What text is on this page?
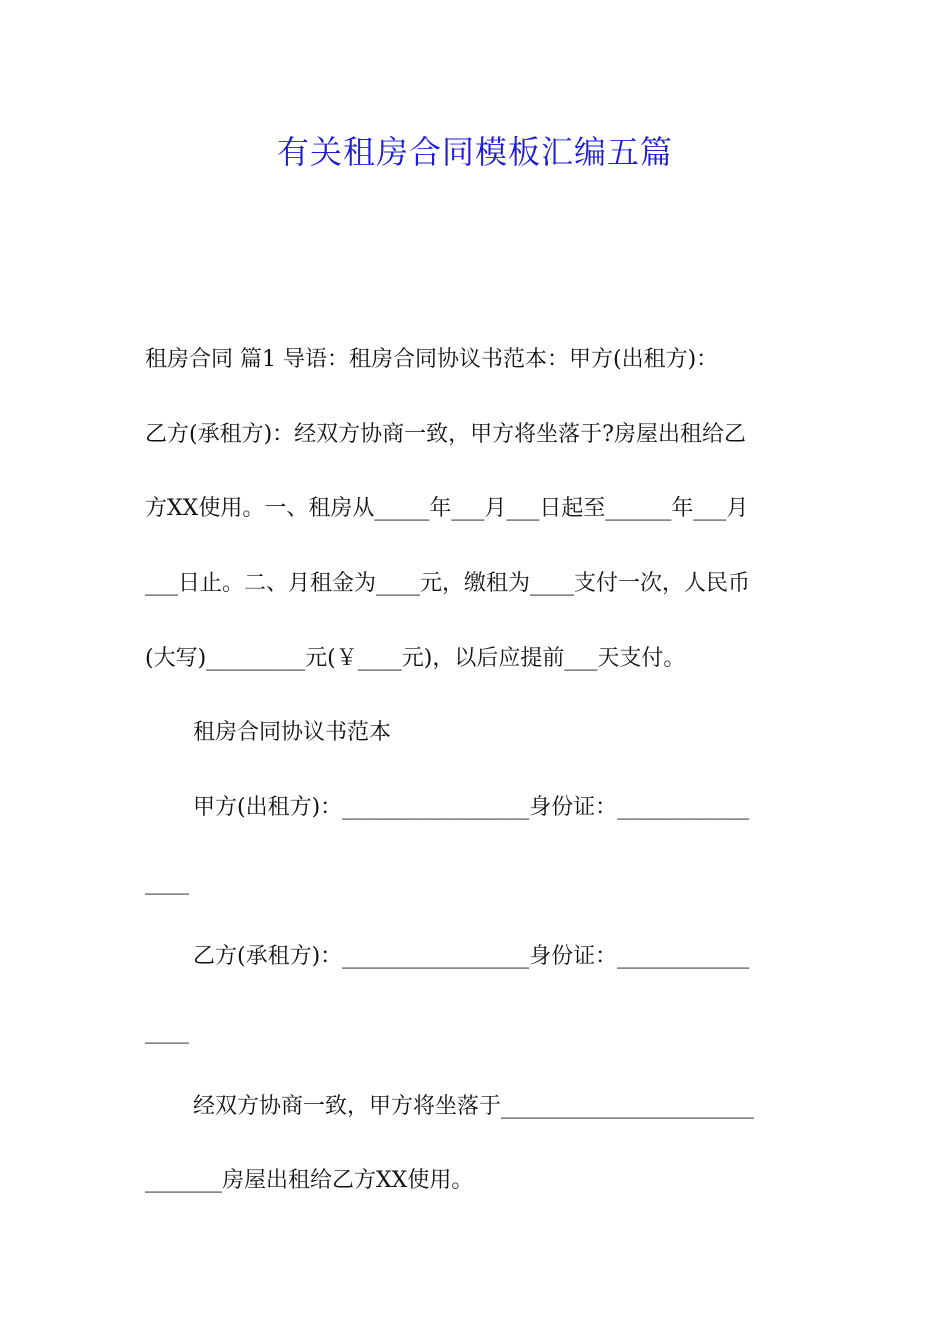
有关租房合同模板汇编五篇
租房合同 篇1 导语：租房合同协议书范本：甲方(出租方)：
乙方(承租方)：经双方协商一致，甲方将坐落于?房屋出租给乙
方XX使用。一、租房从_____年___月___日起至______年___月
___日止。二、月租金为____元，缴租为____支付一次，人民币
(大写)_________元(￥____元)，以后应提前___天支付。
租房合同协议书范本
甲方(出租方)：_________________身份证：____________
____
乙方(承租方)：_________________身份证：____________
____
经双方协商一致，甲方将坐落于_______________________
_______房屋出租给乙方XX使用。
